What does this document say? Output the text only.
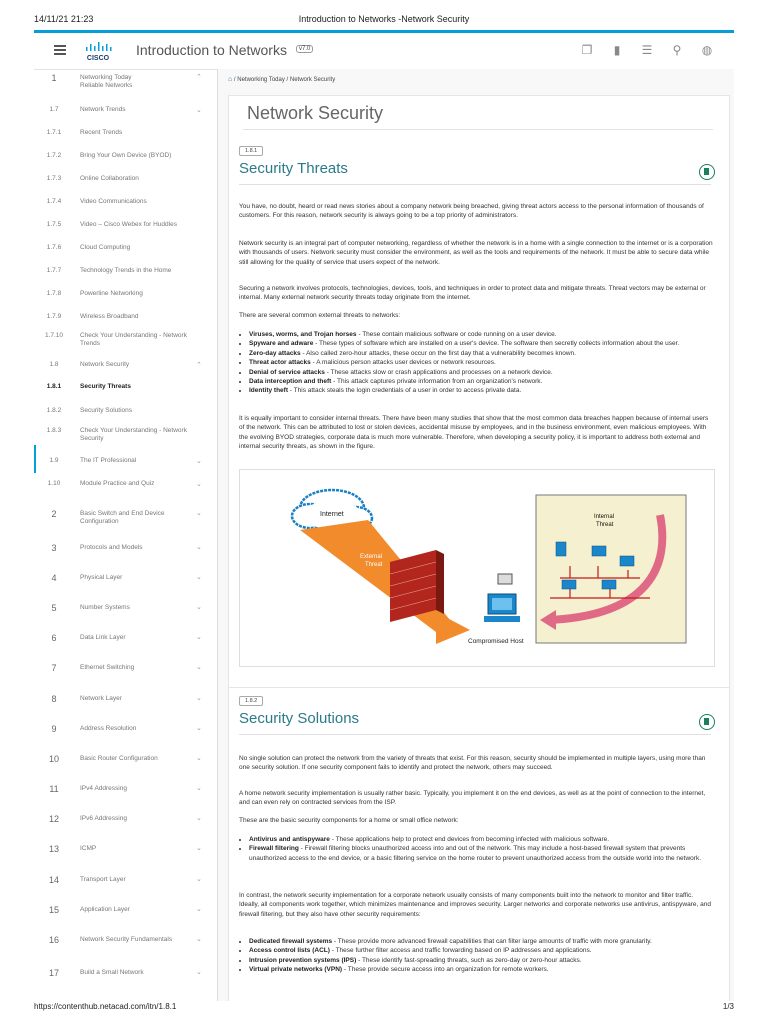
14/11/21 21:23	Introduction to Networks -Network Security
CISCO
Introduction to Networks	v7.0	❐	▮	☰ ⚲ ◍
1	Networking Today
Reliable Networks
⌃
1.7	Network Trends	⌄
1.7.1	Recent Trends
1.7.2	Bring Your Own Device (BYOD)
1.7.3	Online Collaboration
1.7.4	Video Communications
1.7.5	Video – Cisco Webex for Huddles
1.7.6	Cloud Computing
1.7.7	Technology Trends in the Home
1.7.8	Powerline Networking
1.7.9	Wireless Broadband
1.7.10	Check Your Understanding - Network Trends
1.8	Network Security	⌃
1.8.1	Security Threats
1.8.2	Security Solutions
1.8.3	Check Your Understanding - Network Security
1.9	The IT Professional	⌄
1.10	Module Practice and Quiz	⌄
2	Basic Switch and End Device Configuration
⌄
3	Protocols and Models	⌄
4	Physical Layer	⌄
5	Number Systems	⌄
6	Data Link Layer	⌄
7	Ethernet Switching	⌄
8	Network Layer	⌄
9	Address Resolution	⌄
10	Basic Router Configuration	⌄
11	IPv4 Addressing	⌄
12	IPv6 Addressing	⌄
13	ICMP	⌄
14	Transport Layer	⌄
15	Application Layer	⌄
16	Network Security Fundamentals	⌄
17	Build a Small Network	⌄
⌂ / Networking Today / Network Security
Network Security
1.8.1
Security Threats
You have, no doubt, heard or read news stories about a company network being breached, giving threat actors access to the personal information of thousands of customers. For this reason, network security is always going to be a top priority of administrators.
Network security is an integral part of computer networking, regardless of whether the network is in a home with a single connection to the internet or is a corporation with thousands of users. Network security must consider the environment, as well as the tools and requirements of the network. It must be able to secure data while still allowing for the quality of service that users expect of the network.
Securing a network involves protocols, technologies, devices, tools, and techniques in order to protect data and mitigate threats. Threat vectors may be external or internal. Many external network security threats today originate from the internet.
There are several common external threats to networks:
• Viruses, worms, and Trojan horses - These contain malicious software or code running on a user device.
• Spyware and adware - These types of software which are installed on a user's device. The software then secretly collects information about the user.
• Zero-day attacks - Also called zero-hour attacks, these occur on the first day that a vulnerability becomes known.
• Threat actor attacks - A malicious person attacks user devices or network resources.
• Denial of service attacks - These attacks slow or crash applications and processes on a network device.
• Data interception and theft - This attack captures private information from an organization's network.
• Identity theft - This attack steals the login credentials of a user in order to access private data.
It is equally important to consider internal threats. There have been many studies that show that the most common data breaches happen because of internal users of the network. This can be attributed to lost or stolen devices, accidental misuse by employees, and in the business environment, even malicious employees. With the evolving BYOD strategies, corporate data is much more vulnerable. Therefore, when developing a security policy, it is important to address both external and internal security threats, as shown in the figure.
Internet
External
Threat
Compromised Host
Internal
Threat
1.8.2
Security Solutions
No single solution can protect the network from the variety of threats that exist. For this reason, security should be implemented in multiple layers, using more than one security solution. If one security component fails to identify and protect the network, others may succeed.
A home network security implementation is usually rather basic. Typically, you implement it on the end devices, as well as at the point of connection to the internet, and can even rely on contracted services from the ISP.
These are the basic security components for a home or small office network:
• Antivirus and antispyware - These applications help to protect end devices from becoming infected with malicious software.
• Firewall filtering - Firewall filtering blocks unauthorized access into and out of the network. This may include a host-based firewall system that prevents unauthorized access to the end device, or a basic filtering service on the home router to prevent unauthorized access from the outside world into the network.
In contrast, the network security implementation for a corporate network usually consists of many components built into the network to monitor and filter traffic. Ideally, all components work together, which minimizes maintenance and improves security. Larger networks and corporate networks use antivirus, antispyware, and firewall filtering, but they also have other security requirements:
• Dedicated firewall systems - These provide more advanced firewall capabilities that can filter large amounts of traffic with more granularity.
• Access control lists (ACL) - These further filter access and traffic forwarding based on IP addresses and applications.
• Intrusion prevention systems (IPS) - These identify fast-spreading threats, such as zero-day or zero-hour attacks.
• Virtual private networks (VPN) - These provide secure access into an organization for remote workers.
https://contenthub.netacad.com/itn/1.8.1	1/3
